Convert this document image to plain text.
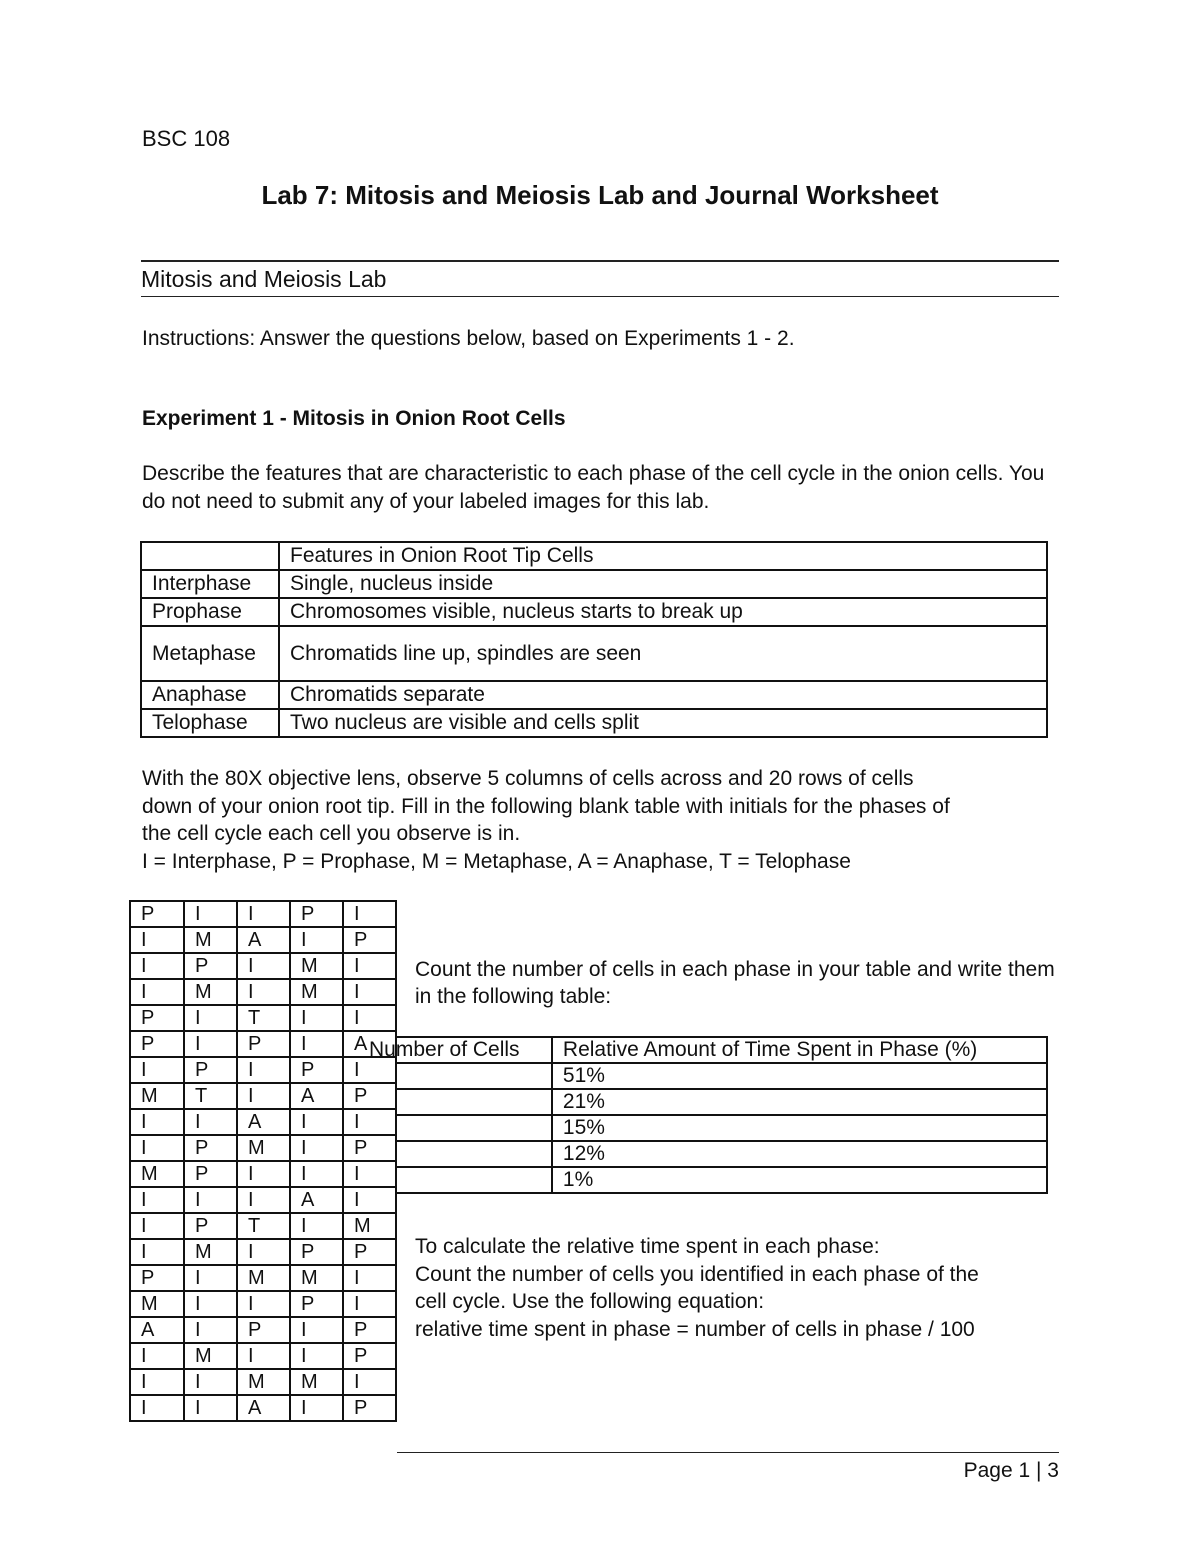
BSC 108
Lab 7: Mitosis and Meiosis Lab and Journal Worksheet
Mitosis and Meiosis Lab
Instructions: Answer the questions below, based on Experiments 1 - 2.
Experiment 1 - Mitosis in Onion Root Cells
Describe the features that are characteristic to each phase of the cell cycle in the onion cells. You do not need to submit any of your labeled images for this lab.
	Features in Onion Root Tip Cells
Interphase	Single, nucleus inside
Prophase	Chromosomes visible, nucleus starts to break up

Metaphase	Chromatids line up, spindles are seen
Anaphase	Chromatids separate
Telophase	Two nucleus are visible and cells split
With the 80X objective lens, observe 5 columns of cells across and 20 rows of cells
down of your onion root tip. Fill in the following blank table with initials for the phases of
the cell cycle each cell you observe is in.
I = Interphase, P = Prophase, M = Metaphase, A = Anaphase, T = Telophase
P	I	I	P	I
I	M	A	I	P
I	P	I	M	I
I	M	I	M	I
P	I	T	I	I
P	I	P	I	A
I	P	I	P	I
M	T	I	A	P
I	I	A	I	I
I	P	M	I	P
M	P	I	I	I
I	I	I	A	I
I	P	T	I	M
I	M	I	P	P
P	I	M	M	I
M	I	I	P	I
A	I	P	I	P
I	M	I	I	P
I	I	M	M	I
I	I	A	I	P
Count the number of cells in each phase in your table and write them in the following table:
Number of Cells	Relative Amount of Time Spent in Phase (%)
	51%
	21%
	15%
	12%
	1%
To calculate the relative time spent in each phase:
Count the number of cells you identified in each phase of the
cell cycle. Use the following equation:
relative time spent in phase = number of cells in phase / 100
Page 1 | 3
